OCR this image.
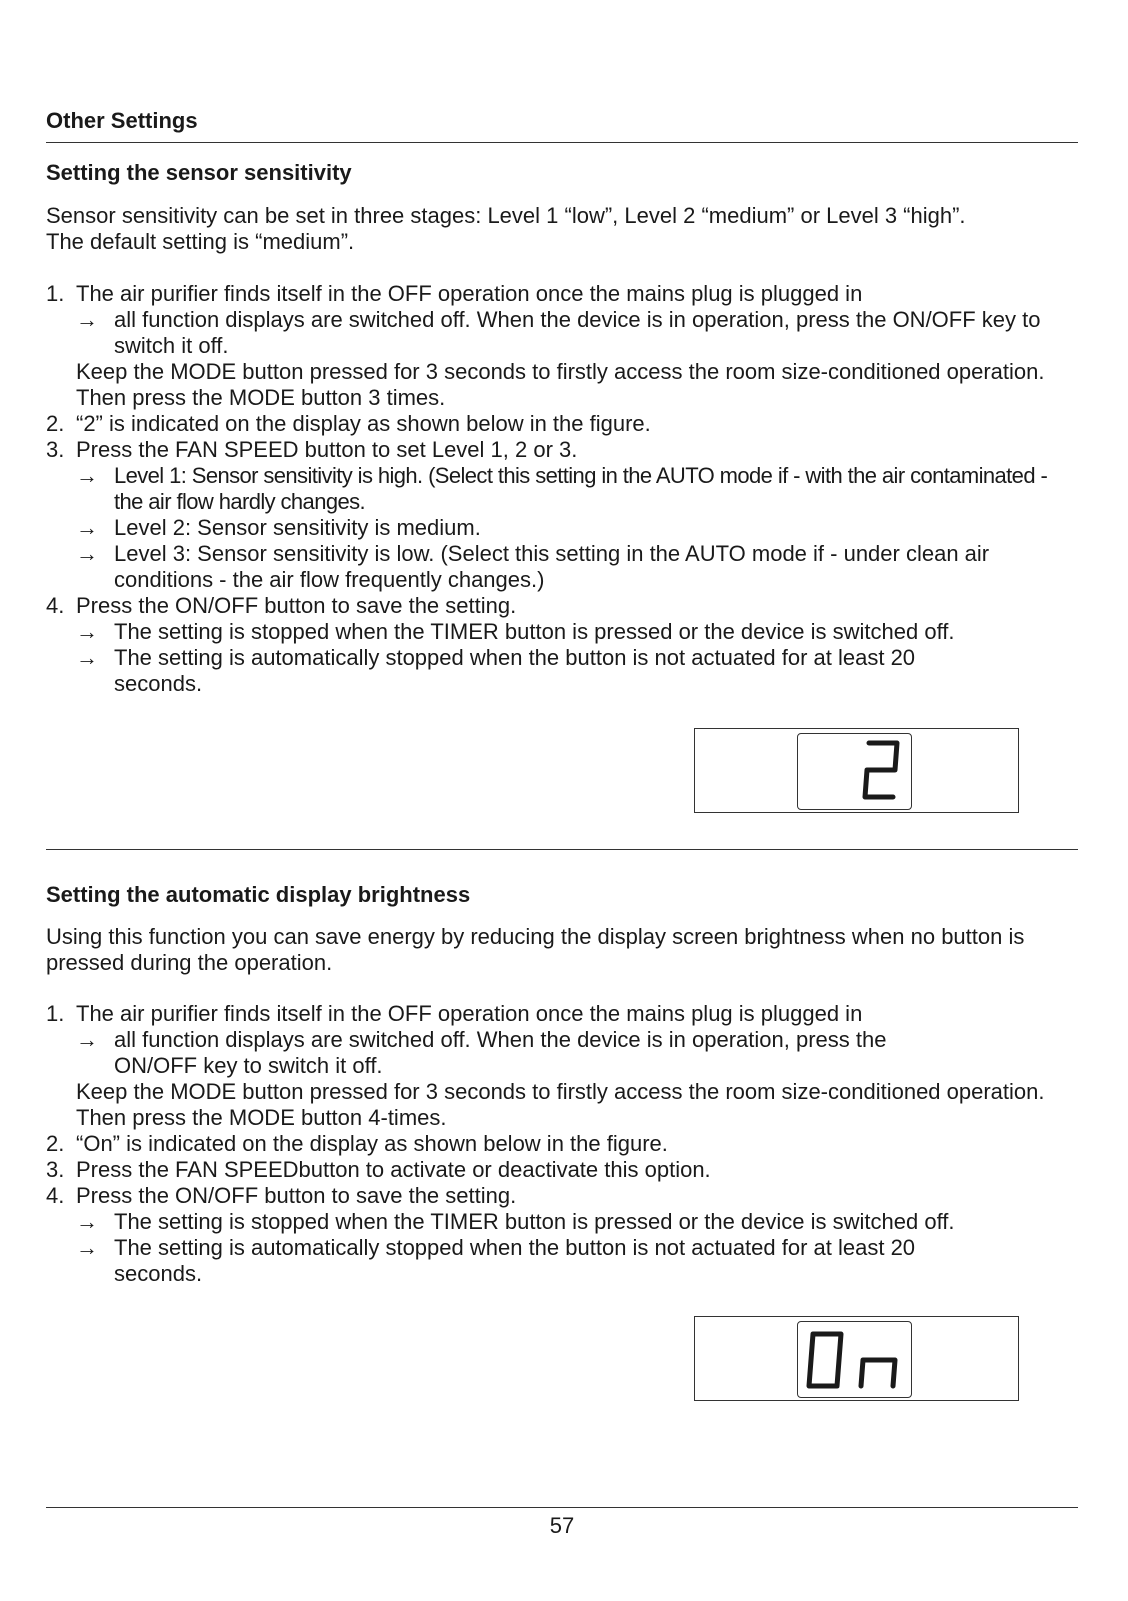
Other Settings
Setting the sensor sensitivity

Sensor sensitivity can be set in three stages: Level 1 “low”, Level 2 “medium” or Level 3 “high”.

The default setting is “medium”.

1. The air purifier finds itself in the OFF operation once the mains plug is plugged in
→ all function displays are switched off. When the device is in operation, press the ON/OFF key to switch it off.
Keep the MODE button pressed for 3 seconds to firstly access the room size-conditioned operation. Then press the MODE button 3 times.
2. “2” is indicated on the display as shown below in the figure.
3. Press the FAN SPEED button to set Level 1, 2 or 3.
→ Level 1: Sensor sensitivity is high. (Select this setting in the AUTO mode if - with the air contaminated - the air flow hardly changes.
→ Level 2: Sensor sensitivity is medium.
→ Level 3: Sensor sensitivity is low. (Select this setting in the AUTO mode if - under clean air conditions - the air flow frequently changes.)
4. Press the ON/OFF button to save the setting.
→ The setting is stopped when the TIMER button is pressed or the device is switched off.
→ The setting is automatically stopped when the button is not actuated for at least 20 seconds.
Setting the automatic display brightness

Using this function you can save energy by reducing the display screen brightness when no button is pressed during the operation.

1. The air purifier finds itself in the OFF operation once the mains plug is plugged in
→ all function displays are switched off. When the device is in operation, press the ON/OFF key to switch it off.
Keep the MODE button pressed for 3 seconds to firstly access the room size-conditioned operation. Then press the MODE button 4-times.
2. “On” is indicated on the display as shown below in the figure.
3. Press the FAN SPEEDbutton to activate or deactivate this option.
4. Press the ON/OFF button to save the setting.
→ The setting is stopped when the TIMER button is pressed or the device is switched off.
→ The setting is automatically stopped when the button is not actuated for at least 20 seconds.
57
